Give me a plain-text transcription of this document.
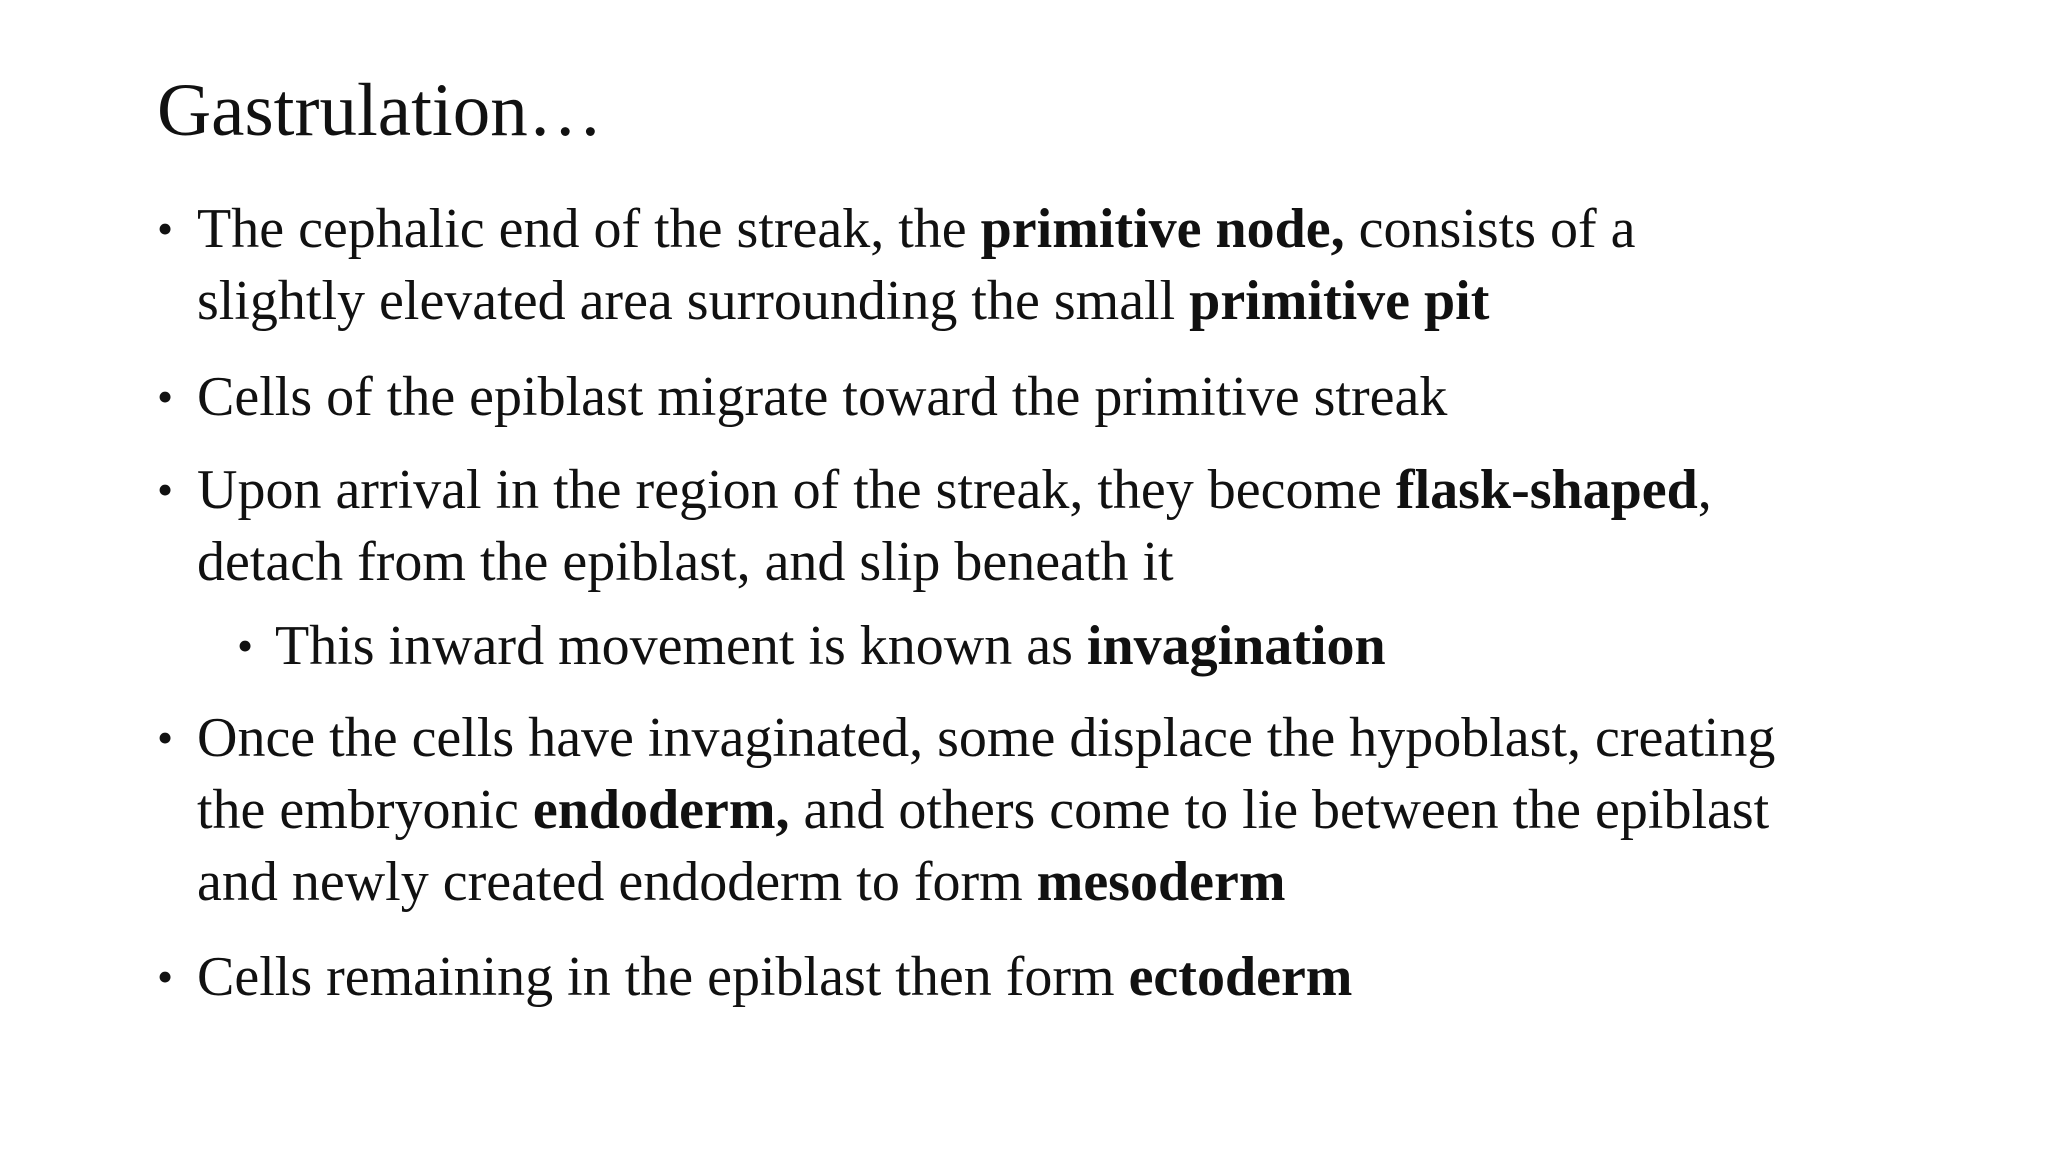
Gastrulation…
• The cephalic end of the streak, the primitive node, consists of a
slightly elevated area surrounding the small primitive pit
• Cells of the epiblast migrate toward the primitive streak
• Upon arrival in the region of the streak, they become flask-shaped,
detach from the epiblast, and slip beneath it
• This inward movement is known as invagination
• Once the cells have invaginated, some displace the hypoblast, creating
the embryonic endoderm, and others come to lie between the epiblast
and newly created endoderm to form mesoderm
• Cells remaining in the epiblast then form ectoderm
